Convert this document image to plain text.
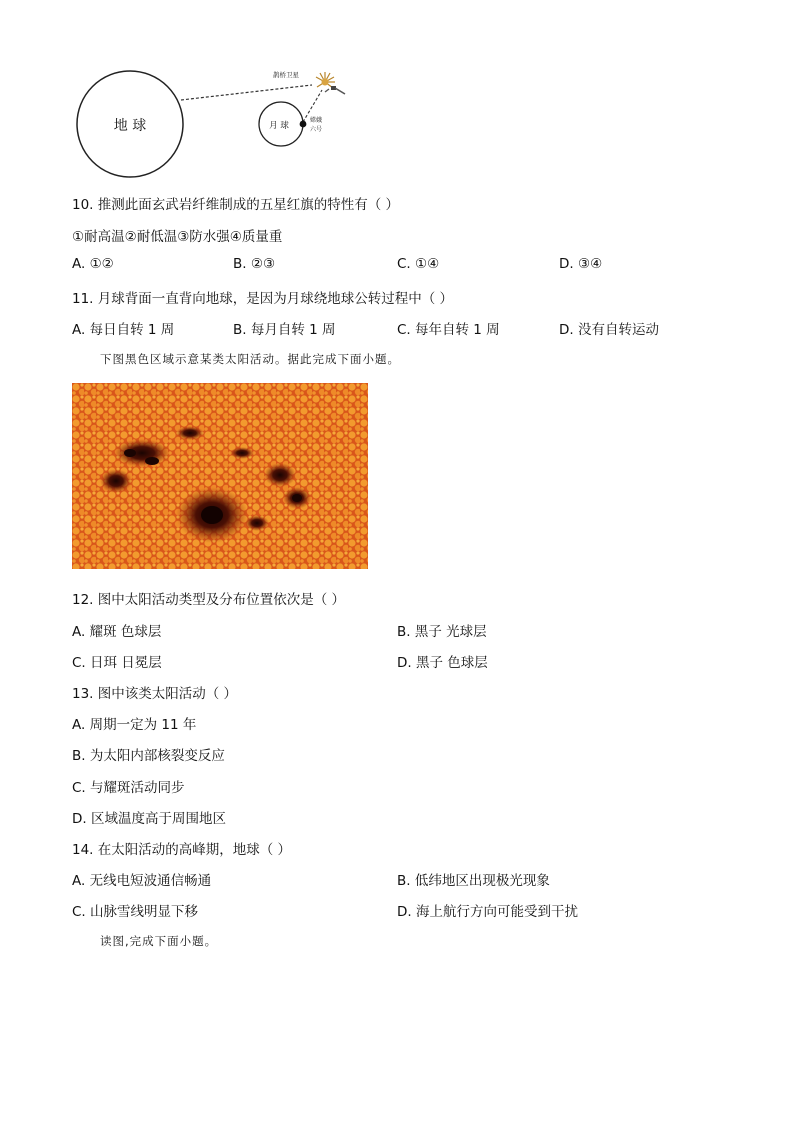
地 球	月 球
嫦娥
六号
鹊桥卫星
10. 推测此面玄武岩纤维制成的五星红旗的特性有（ ）
①耐高温②耐低温③防水强④质量重
A. ①②	B. ②③	C. ①④	D. ③④
11. 月球背面一直背向地球，是因为月球绕地球公转过程中（ ）
A. 每日自转 1 周	B. 每月自转 1 周	C. 每年自转 1 周	D. 没有自转运动
下图黑色区域示意某类太阳活动。据此完成下面小题。
12. 图中太阳活动类型及分布位置依次是（ ）
A. 耀斑 色球层	B. 黑子 光球层
C. 日珥 日冕层	D. 黑子 色球层
13. 图中该类太阳活动（ ）
A. 周期一定为 11 年
B. 为太阳内部核裂变反应
C. 与耀斑活动同步
D. 区域温度高于周围地区
14. 在太阳活动的高峰期，地球（ ）
A. 无线电短波通信畅通	B. 低纬地区出现极光现象
C. 山脉雪线明显下移	D. 海上航行方向可能受到干扰
读图,完成下面小题。
